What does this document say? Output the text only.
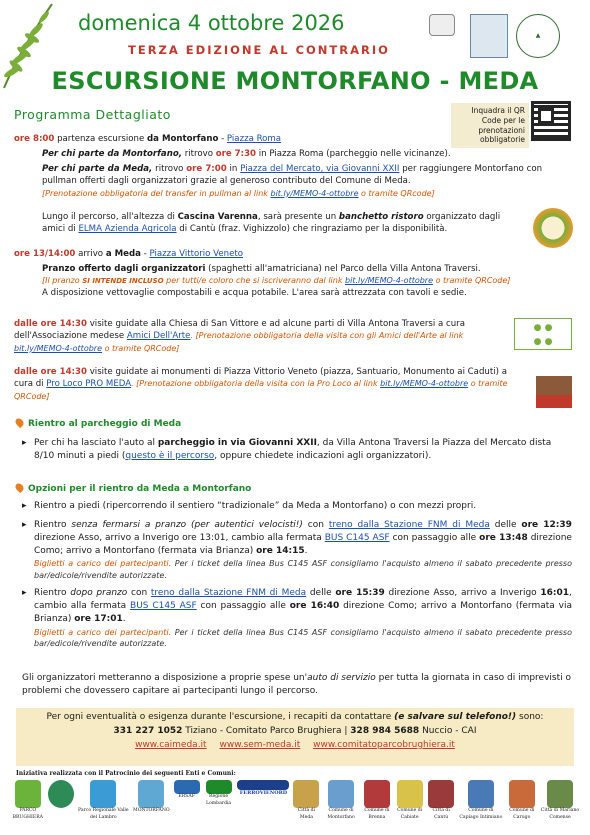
domenica 4 ottobre 2026
TERZA EDIZIONE AL CONTRARIO
▲
ESCURSIONE MONTORFANO - MEDA
Programma Dettagliato	Inquadra il QR Code per le prenotazioni obbligatorie
ore 8:00 partenza escursione da Montorfano - Piazza Roma
Per chi parte da Montorfano, ritrovo ore 7:30 in Piazza Roma (parcheggio nelle vicinanze).
Per chi parte da Meda, ritrovo ore 7:00 in Piazza del Mercato, via Giovanni XXII per raggiungere Montorfano con pullman offerti dagli organizzatori grazie al generoso contributo del Comune di Meda.
[Prenotazione obbligatoria del transfer in pullman al link bit.ly/MEMO-4-ottobre o tramite QRcode]
Lungo il percorso, all'altezza di Cascina Varenna, sarà presente un banchetto ristoro organizzato dagli amici di ELMA Azienda Agricola di Cantù (fraz. Vighizzolo) che ringraziamo per la disponibilità.
ore 13/14:00 arrivo a Meda - Piazza Vittorio Veneto
Pranzo offerto dagli organizzatori (spaghetti all'amatriciana) nel Parco della Villa Antona Traversi.
[Il pranzo SI INTENDE INCLUSO per tutti/e coloro che si iscriveranno dal link bit.ly/MEMO-4-ottobre o tramite QRCode]
A disposizione vettovaglie compostabili e acqua potabile. L'area sarà attrezzata con tavoli e sedie.
dalle ore 14:30 visite guidate alla Chiesa di San Vittore e ad alcune parti di Villa Antona Traversi a cura dell'Associazione medese Amici Dell'Arte. [Prenotazione obbligatoria della visita con gli Amici dell'Arte al link bit.ly/MEMO-4-ottobre o tramite QRCode]
● ●
● ●
dalle ore 14:30 visite guidate ai monumenti di Piazza Vittorio Veneto (piazza, Santuario, Monumento ai Caduti) a cura di Pro Loco PRO MEDA. [Prenotazione obbligatoria della visita con la Pro Loco al link bit.ly/MEMO-4-ottobre o tramite QRCode]
Rientro al parcheggio di Meda
▸ Per chi ha lasciato l'auto al parcheggio in via Giovanni XXII, da Villa Antona Traversi la Piazza del Mercato dista 8/10 minuti a piedi (questo è il percorso, oppure chiedete indicazioni agli organizzatori).
Opzioni per il rientro da Meda a Montorfano
▸ Rientro a piedi (ripercorrendo il sentiero “tradizionale” da Meda a Montorfano) o con mezzi propri.
▸ Rientro senza fermarsi a pranzo (per autentici velocisti!) con treno dalla Stazione FNM di Meda delle ore 12:39 direzione Asso, arrivo a Inverigo ore 13:01, cambio alla fermata BUS C145 ASF con passaggio alle ore 13:48 direzione Como; arrivo a Montorfano (fermata via Brianza) ore 14:15.
Biglietti a carico dei partecipanti. Per i ticket della linea Bus C145 ASF consigliamo l'acquisto almeno il sabato precedente presso bar/edicole/rivendite autorizzate.
▸ Rientro dopo pranzo con treno dalla Stazione FNM di Meda delle ore 15:39 direzione Asso, arrivo a Inverigo 16:01, cambio alla fermata BUS C145 ASF con passaggio alle ore 16:40 direzione Como; arrivo a Montorfano (fermata via Brianza) ore 17:01.
Biglietti a carico dei partecipanti. Per i ticket della linea Bus C145 ASF consigliamo l'acquisto almeno il sabato precedente presso bar/edicole/rivendite autorizzate.
Gli organizzatori metteranno a disposizione a proprie spese un'auto di servizio per tutta la giornata in caso di imprevisti o problemi che dovessero capitare ai partecipanti lungo il percorso.
Per ogni eventualità o esigenza durante l'escursione, i recapiti da contattare (e salvare sul telefono!) sono:
331 227 1052 Tiziano - Comitato Parco Brughiera | 328 984 5688 Nuccio - CAI
www.caimeda.it www.sem-meda.it www.comitatoparcobrughiera.it
Iniziativa realizzata con il Patrocinio dei seguenti Enti e Comuni:
PARCO BRUGHIERA
Parco Regionale Valle del Lambro
MONTORFANO
ERSAF	Regione Lombardia
FERROVIENORD
Città di Meda
Comune di Montorfano
Comune di Brenna
Comune di Cabiate
Città di Cantù
Comune di Capiago Intimiano
Comune di Carugo
Città di Mariano Comense
